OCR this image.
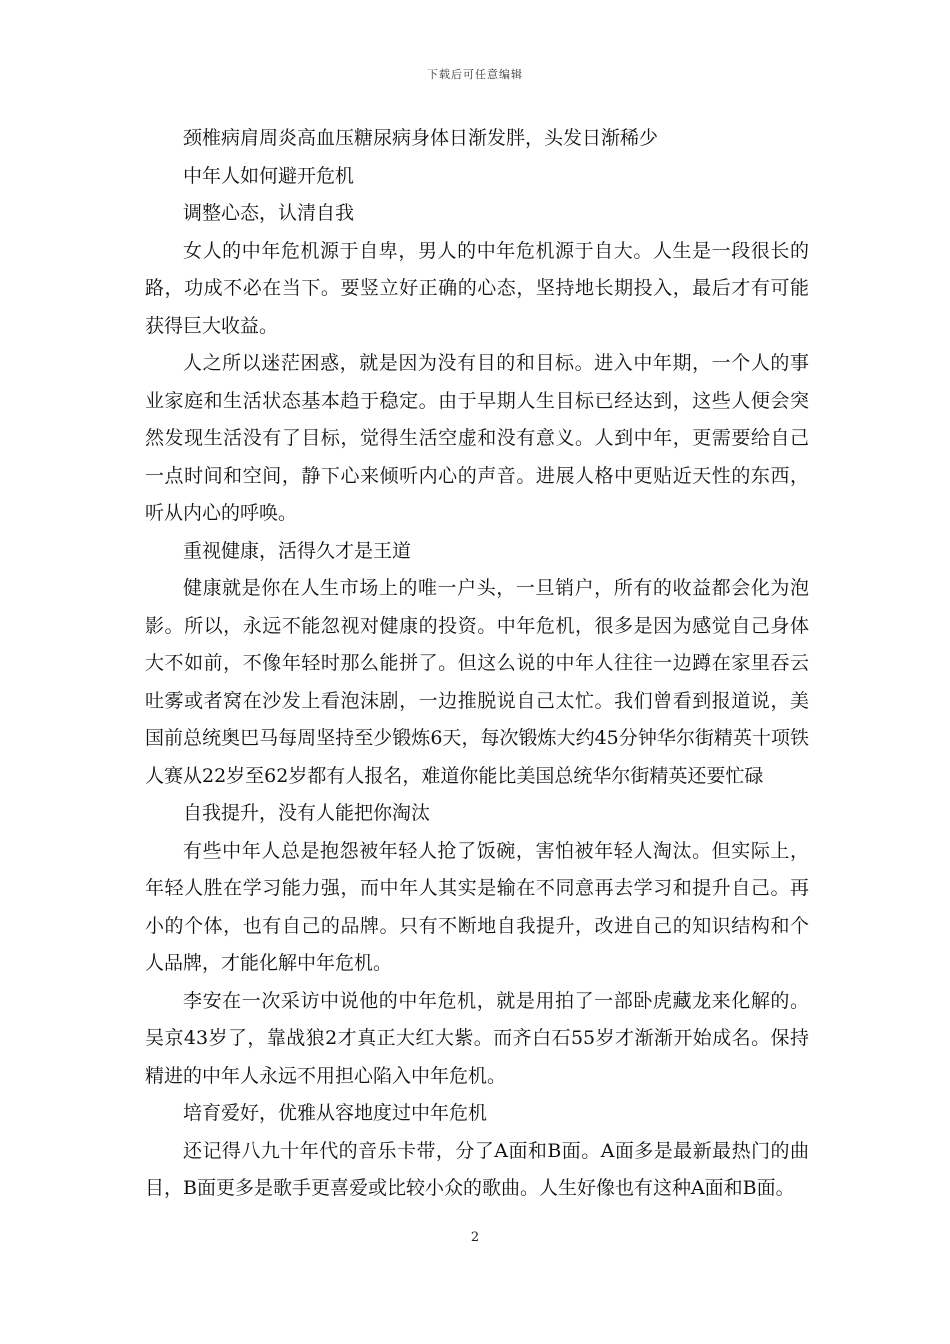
下载后可任意编辑

颈椎病肩周炎高血压糖尿病身体日渐发胖，头发日渐稀少

中年人如何避开危机

调整心态，认清自我

女人的中年危机源于自卑，男人的中年危机源于自大。人生是一段很长的路，功成不必在当下。要竖立好正确的心态，坚持地长期投入，最后才有可能获得巨大收益。

人之所以迷茫困惑，就是因为没有目的和目标。进入中年期，一个人的事业家庭和生活状态基本趋于稳定。由于早期人生目标已经达到，这些人便会突然发现生活没有了目标，觉得生活空虚和没有意义。人到中年，更需要给自己一点时间和空间，静下心来倾听内心的声音。进展人格中更贴近天性的东西，听从内心的呼唤。

重视健康，活得久才是王道

健康就是你在人生市场上的唯一户头，一旦销户，所有的收益都会化为泡影。所以，永远不能忽视对健康的投资。中年危机，很多是因为感觉自己身体大不如前，不像年轻时那么能拼了。但这么说的中年人往往一边蹲在家里吞云吐雾或者窝在沙发上看泡沫剧，一边推脱说自己太忙。我们曾看到报道说，美国前总统奥巴马每周坚持至少锻炼6天，每次锻炼大约45分钟华尔街精英十项铁人赛从22岁至62岁都有人报名，难道你能比美国总统华尔街精英还要忙碌

自我提升，没有人能把你淘汰

有些中年人总是抱怨被年轻人抢了饭碗，害怕被年轻人淘汰。但实际上，年轻人胜在学习能力强，而中年人其实是输在不同意再去学习和提升自己。再小的个体，也有自己的品牌。只有不断地自我提升，改进自己的知识结构和个人品牌，才能化解中年危机。

李安在一次采访中说他的中年危机，就是用拍了一部卧虎藏龙来化解的。吴京43岁了，靠战狼2才真正大红大紫。而齐白石55岁才渐渐开始成名。保持精进的中年人永远不用担心陷入中年危机。

培育爱好，优雅从容地度过中年危机

还记得八九十年代的音乐卡带，分了A面和B面。A面多是最新最热门的曲目，B面更多是歌手更喜爱或比较小众的歌曲。人生好像也有这种A面和B面。

2
